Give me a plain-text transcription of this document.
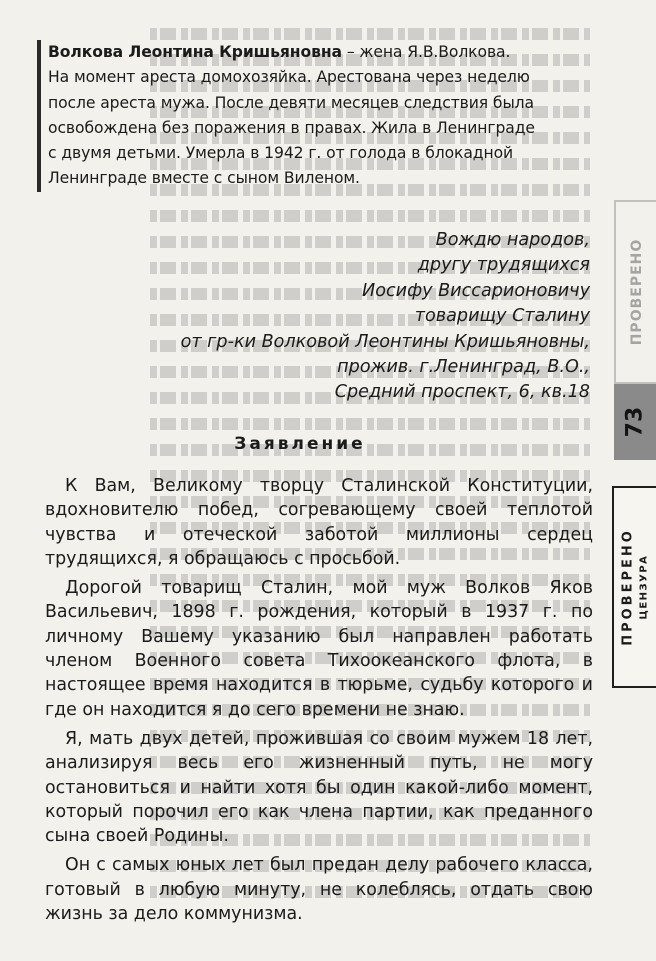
Волкова Леонтина Кришьяновна – жена Я.В.Волкова.
На момент ареста домохозяйка. Арестована через неделю
после ареста мужа. После девяти месяцев следствия была
освобождена без поражения в правах. Жила в Ленинграде
с двумя детьми. Умерла в 1942 г. от голода в блокадной
Ленинграде вместе с сыном Виленом.
Вождю народов,
другу трудящихся
Иосифу Виссарионовичу
товарищу Сталину
от гр-ки Волковой Леонтины Кришьяновны,
прожив. г.Ленинград, В.О.,
Средний проспект, 6, кв.18
Заявление

К Вам, Великому творцу Сталинской Конституции, вдохновителю побед, согревающему своей теплотой чувства и отеческой заботой миллионы сердец трудящихся, я обращаюсь с просьбой.

Дорогой товарищ Сталин, мой муж Волков Яков Васильевич, 1898 г. рождения, который в 1937 г. по личному Вашему указанию был направлен работать членом Военного совета Тихоокеанского флота, в настоящее время находится в тюрьме, судьбу которого и где он находится я до сего времени не знаю.

Я, мать двух детей, прожившая со своим мужем 18 лет, анализируя весь его жизненный путь, не могу остановиться и найти хотя бы один какой-либо момент, который порочил его как члена партии, как преданного сына своей Родины.

Он с самых юных лет был предан делу рабочего класса, готовый в любую минуту, не колеблясь, отдать свою жизнь за дело коммунизма.

ПРОВЕРЕНО
73
ПРОВЕРЕНО ЦЕНЗУРА
